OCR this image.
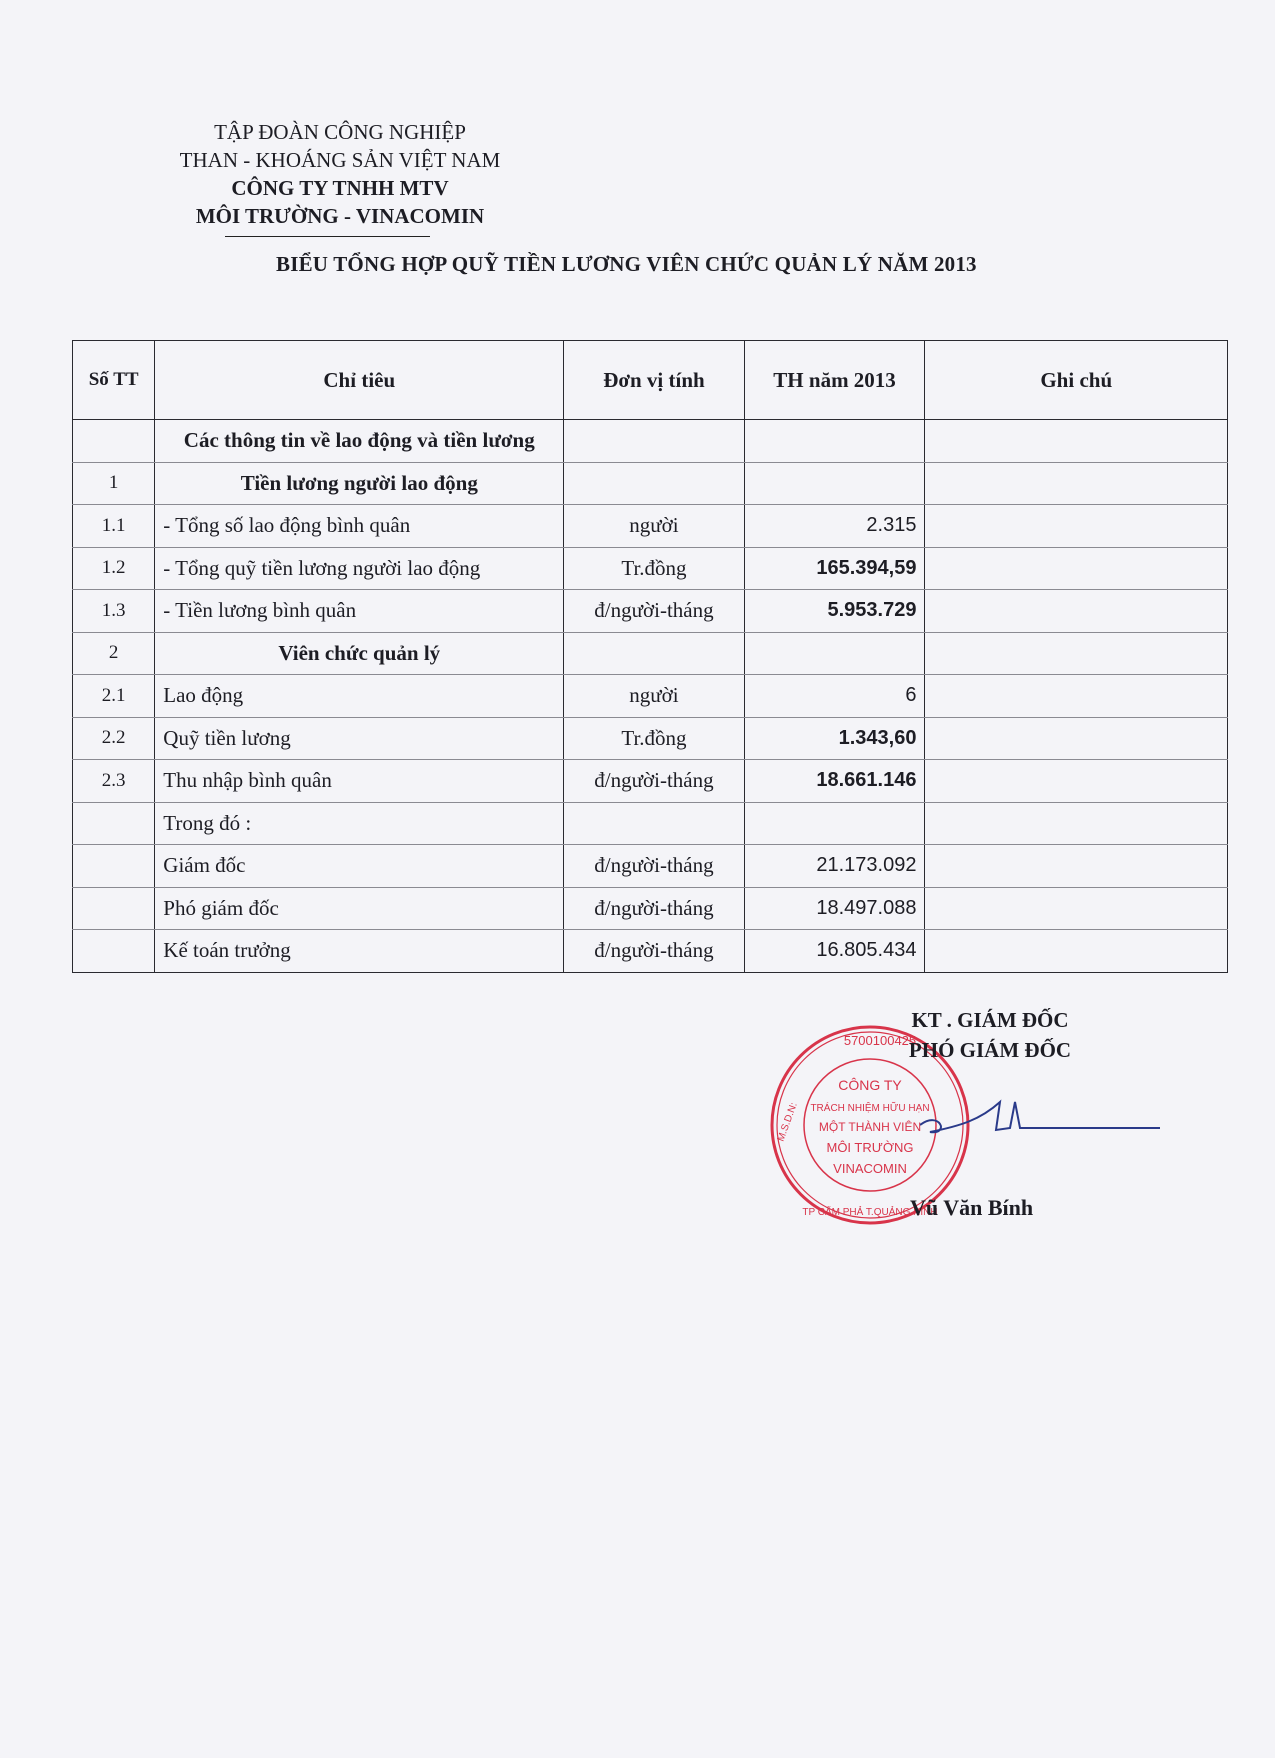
TẬP ĐOÀN CÔNG NGHIỆP
THAN - KHOÁNG SẢN VIỆT NAM
CÔNG TY TNHH MTV
MÔI TRƯỜNG - VINACOMIN
BIỂU TỔNG HỢP QUỸ TIỀN LƯƠNG VIÊN CHỨC QUẢN LÝ NĂM 2013
Số TT	Chỉ tiêu	Đơn vị tính	TH năm 2013	Ghi chú
	Các thông tin về lao động và tiền lương			
1	Tiền lương người lao động			
1.1	- Tổng số lao động bình quân	người	2.315	
1.2	- Tổng quỹ tiền lương người lao động	Tr.đồng	165.394,59	
1.3	- Tiền lương bình quân	đ/người-tháng	5.953.729	
2	Viên chức quản lý			
2.1	Lao động	người	6	
2.2	Quỹ tiền lương	Tr.đồng	1.343,60	
2.3	Thu nhập bình quân	đ/người-tháng	18.661.146	
	Trong đó :			
	Giám đốc	đ/người-tháng	21.173.092	
	Phó giám đốc	đ/người-tháng	18.497.088	
	Kế toán trưởng	đ/người-tháng	16.805.434	
CÔNG TY
TRÁCH NHIỆM HỮU HẠN
MỘT THÀNH VIÊN
MÔI TRƯỜNG
VINACOMIN
5700100425
M.S.D.N:
TP CẨM PHẢ T.QUẢNG NINH
KT . GIÁM ĐỐC
PHÓ GIÁM ĐỐC
Vũ Văn Bính
